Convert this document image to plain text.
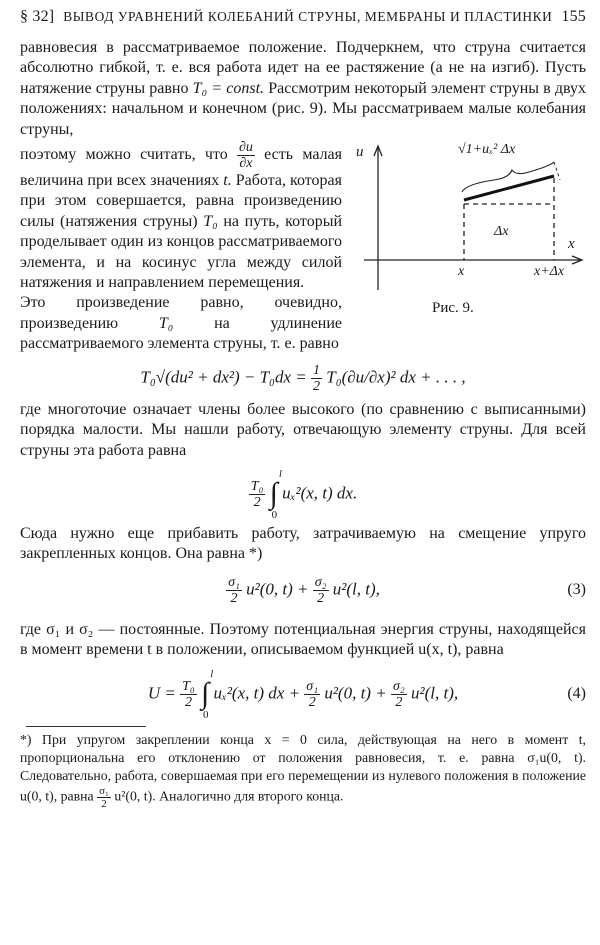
§ 32] ВЫВОД УРАВНЕНИЙ КОЛЕБАНИЙ СТРУНЫ, МЕМБРАНЫ И ПЛАСТИНКИ 155

равновесия в рассматриваемое положение. Подчеркнем, что струна считается абсолютно гибкой, т. е. вся работа идет на ее растяжение (а не на изгиб). Пусть натяжение струны равно T₀ = const. Рассмотрим некоторый элемент струны в двух положениях: начальном и конечном (рис. 9). Мы рассматриваем малые колебания струны,

u
x
√1+uₓ² Δx
Δx
x	x+Δx
Рис. 9.

поэтому можно считать, что $\frac{\partial u}{\partial x}$ есть малая величина при всех значениях t. Работа, которая при этом совершается, равна произведению силы (натяжения струны) T₀ на путь, который проделывает один из концов рассматриваемого элемента, и на косинус угла между силой натяжения и направлением перемещения.

Это произведение равно, очевидно, произведению	T₀	на удлинение рассматриваемого элемента струны, т. е. равно

$T_0√(du^2 + dx^2) - T_0dx = \frac{1}{2} T_0(\partial u/\partial x)^2$ dx + . . . ,

где многоточие означает члены более высокого (по сравнению с выписанными) порядка малости. Мы нашли работу, отвечающую элементу струны. Для всей струны эта работа равна

$\frac{\text{T₀}}{2}$ ∫
l
0
uₓ²(x, t) dx.

Сюда нужно еще прибавить работу, затрачиваемую на смещение упруго закрепленных концов. Она равна *)

$\frac{\text{σ₁}}{2} u^2(0$, $t) + \frac{\text{σ₂}}{2} u^2(l$, t),	(3)

где σ₁ и σ₂ — постоянные. Поэтому потенциальная энергия струны, находящейся в момент времени t в положении, описываемом функцией u(x, t), равна

$U = \frac{\text{T₀}}{2}$ ∫
l
0
uₓ²(x, t) dx + $\frac{\text{σ₁}}{2} u^2(0$, $t) + \frac{\text{σ₂}}{2} u^2(l$, t),	(4)

*) При упругом закреплении конца x = 0 сила, действующая на него в момент t, пропорциональна его отклонению от положения равновесия, т. е. равна σ₁u(0, t). Следовательно, работа, совершаемая при его перемещении из нулевого положения в положение u(0, t), равна $\frac{\text{σ₁}}{2} u^2(0$, t). Аналогично для второго конца.
